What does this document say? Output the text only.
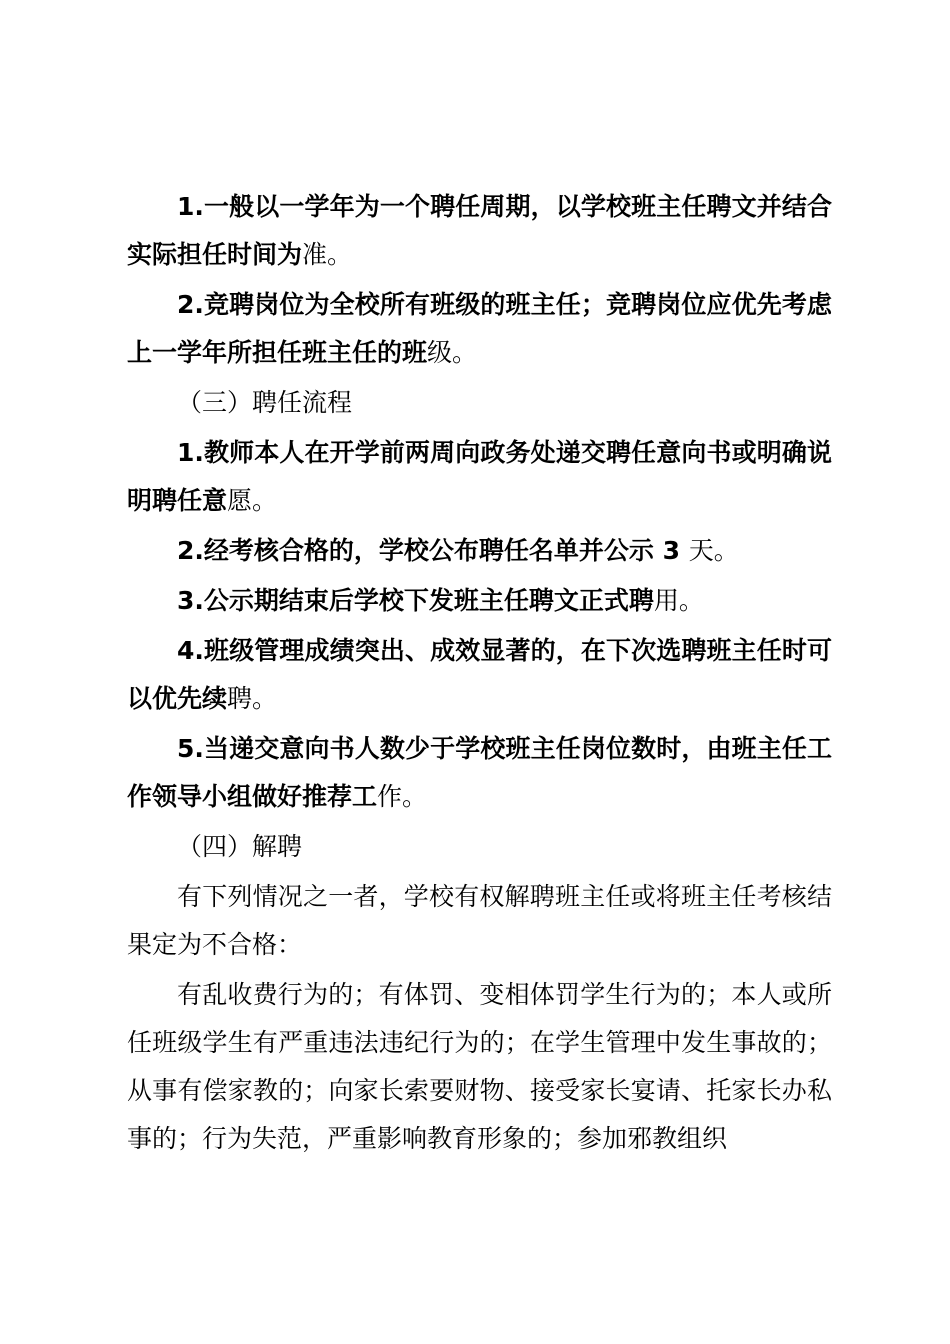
1.一般以一学年为一个聘任周期，以学校班主任聘文并结合实际担任时间为准。

2.竞聘岗位为全校所有班级的班主任；竞聘岗位应优先考虑上一学年所担任班主任的班级。

（三）聘任流程

1.教师本人在开学前两周向政务处递交聘任意向书或明确说明聘任意愿。

2.经考核合格的，学校公布聘任名单并公示 3 天。

3.公示期结束后学校下发班主任聘文正式聘用。

4.班级管理成绩突出、成效显著的，在下次选聘班主任时可以优先续聘。

5.当递交意向书人数少于学校班主任岗位数时，由班主任工作领导小组做好推荐工作。

（四）解聘

有下列情况之一者，学校有权解聘班主任或将班主任考核结果定为不合格：

有乱收费行为的；有体罚、变相体罚学生行为的；本人或所任班级学生有严重违法违纪行为的；在学生管理中发生事故的；从事有偿家教的；向家长索要财物、接受家长宴请、托家长办私事的；行为失范，严重影响教育形象的；参加邪教组织
